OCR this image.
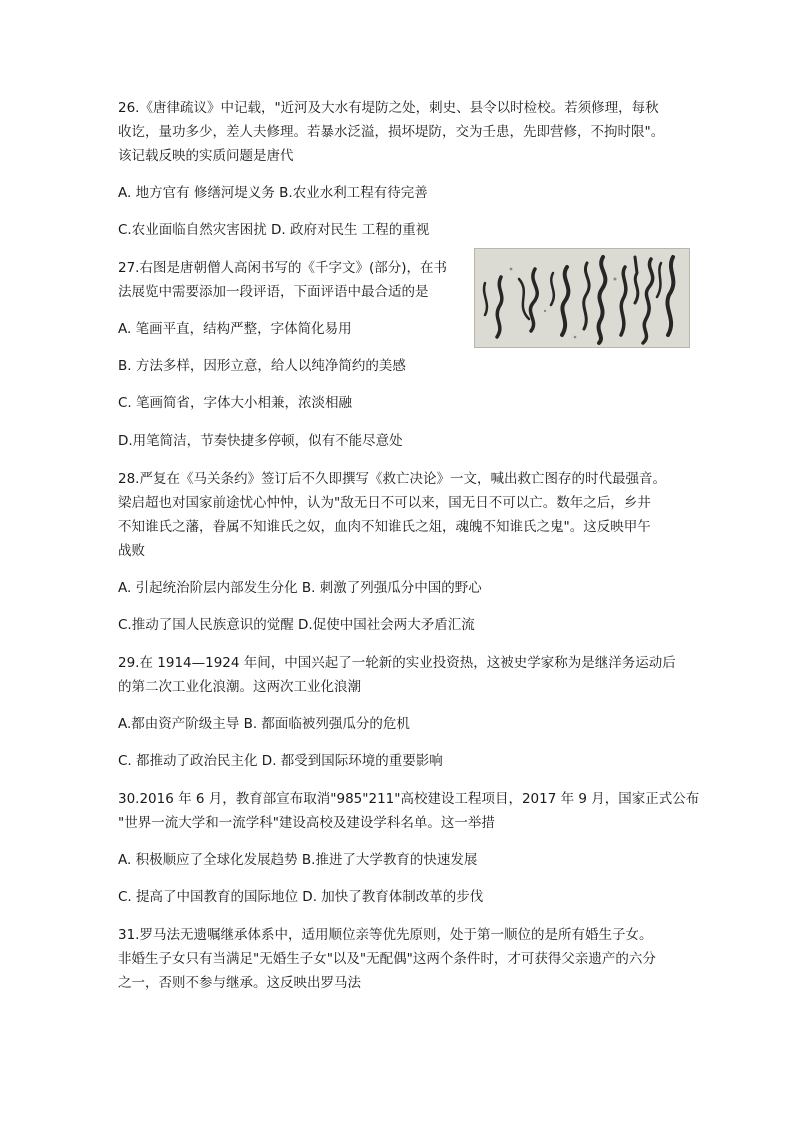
26.《唐律疏议》中记载，"近河及大水有堤防之处，刺史、县令以时检校。若须修理，每秋
收讫，量功多少，差人夫修理。若暴水泛溢，损坏堤防，交为壬患，先即营修，不拘时限"。
该记载反映的实质问题是唐代
A. 地方官有 修缮河堤义务 B.农业水利工程有待完善
C.农业面临自然灾害困扰 D. 政府对民生 工程的重视
27.右图是唐朝僧人高闲书写的《千字文》(部分)，在书
法展览中需要添加一段评语，下面评语中最合适的是
A. 笔画平直，结构严整，字体简化易用
B. 方法多样，因形立意，给人以纯净简约的美感
C. 笔画简省，字体大小相兼，浓淡相融
D.用笔简洁，节奏快捷多停顿，似有不能尽意处
28.严复在《马关条约》签订后不久即撰写《救亡决论》一文，喊出救亡图存的时代最强音。
梁启超也对国家前途忧心忡忡，认为"敌无日不可以来，国无日不可以亡。数年之后，乡井
不知谁氏之藩，眷属不知谁氏之奴，血肉不知谁氏之俎，魂魄不知谁氏之鬼"。这反映甲午
战败
A. 引起统治阶层内部发生分化 B. 刺激了列强瓜分中国的野心
C.推动了国人民族意识的觉醒 D.促使中国社会两大矛盾汇流
29.在 1914—1924 年间，中国兴起了一轮新的实业投资热，这被史学家称为是继洋务运动后
的第二次工业化浪潮。这两次工业化浪潮
A.都由资产阶级主导 B. 都面临被列强瓜分的危机
C. 都推动了政治民主化 D. 都受到国际环境的重要影响
30.2016 年 6 月，教育部宣布取消"985"211"高校建设工程项目，2017 年 9 月，国家正式公布
"世界一流大学和一流学科"建设高校及建设学科名单。这一举措
A. 积极顺应了全球化发展趋势 B.推进了大学教育的快速发展
C. 提高了中国教育的国际地位 D. 加快了教育体制改革的步伐
31.罗马法无遗嘱继承体系中，适用顺位亲等优先原则，处于第一顺位的是所有婚生子女。
非婚生子女只有当满足"无婚生子女"以及"无配偶"这两个条件时，才可获得父亲遗产的六分
之一，否则不参与继承。这反映出罗马法
